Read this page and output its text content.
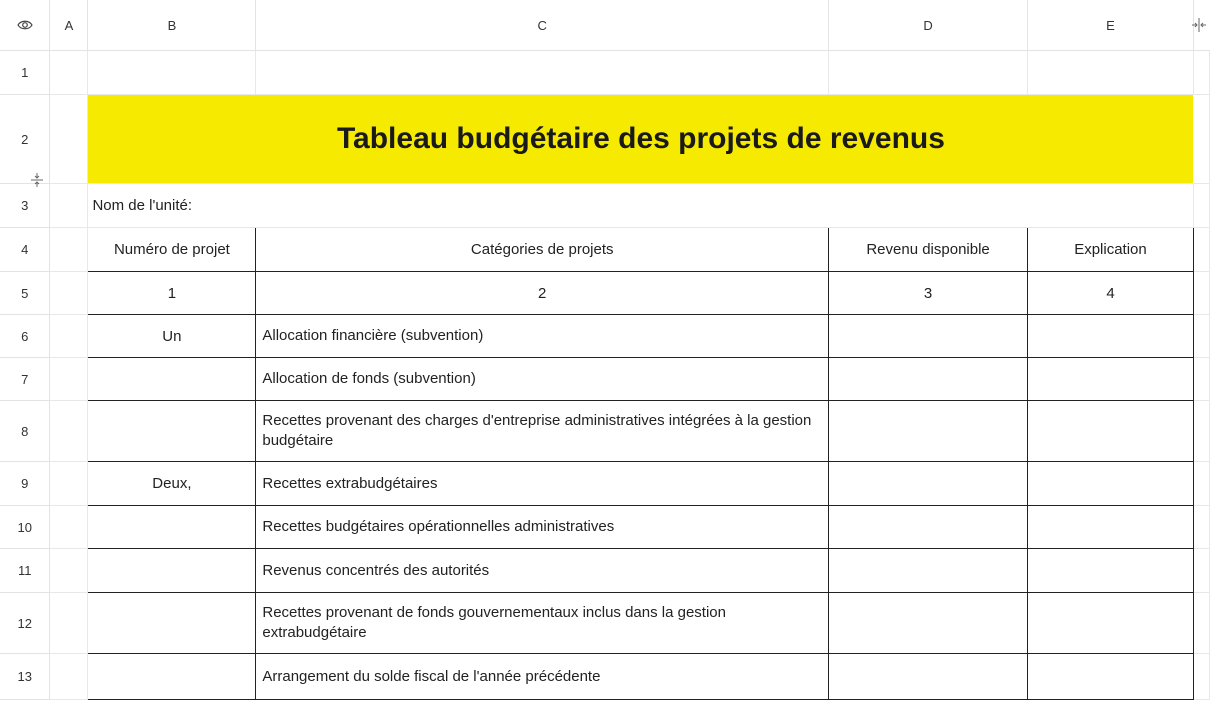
	A	B	C	D	E	
1						
2		Tableau budgétaire des projets de revenus				
3		Nom de l'unité:				
4		Numéro de projet	Catégories de projets	Revenu disponible	Explication	
5		1	2	3	4	
6		Un	Allocation financière (subvention)			
7			Allocation de fonds (subvention)			
8			Recettes provenant des charges d'entreprise administratives intégrées à la gestion budgétaire			
9		Deux,	Recettes extrabudgétaires			
10			Recettes budgétaires opérationnelles administratives			
11			Revenus concentrés des autorités			
12			Recettes provenant de fonds gouvernementaux inclus dans la gestion extrabudgétaire			
13			Arrangement du solde fiscal de l'année précédente			
